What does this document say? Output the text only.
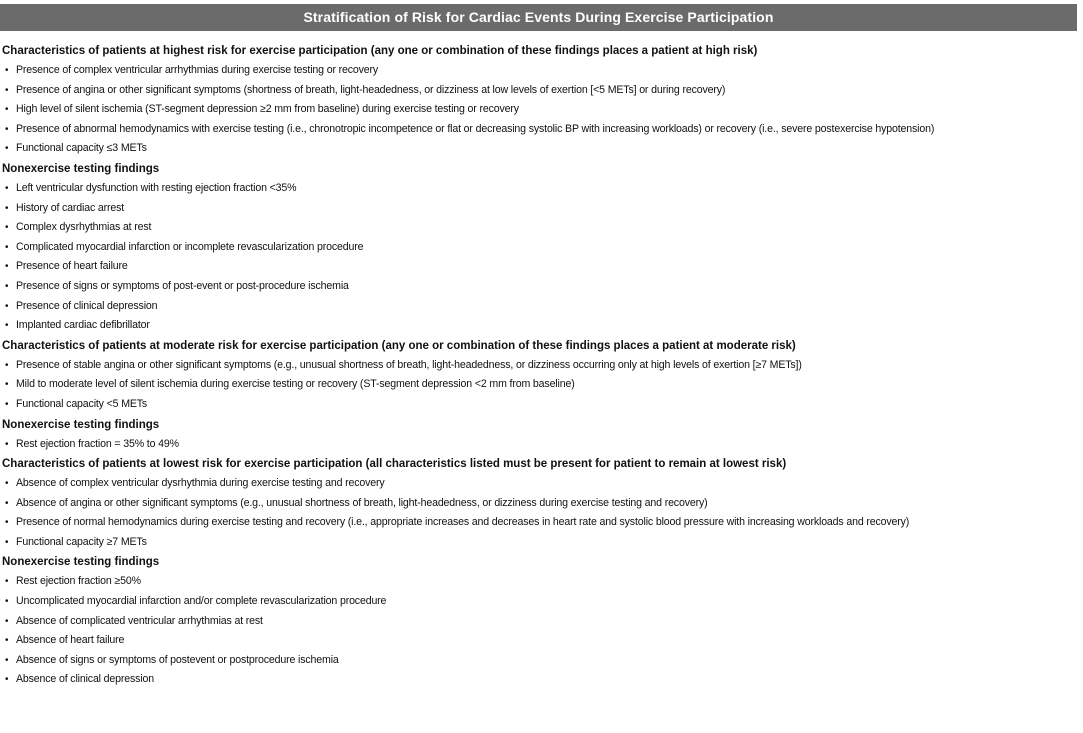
Stratification of Risk for Cardiac Events During Exercise Participation
Characteristics of patients at highest risk for exercise participation (any one or combination of these findings places a patient at high risk)
• Presence of complex ventricular arrhythmias during exercise testing or recovery
• Presence of angina or other significant symptoms (shortness of breath, light-headedness, or dizziness at low levels of exertion [<5 METs] or during recovery)
• High level of silent ischemia (ST-segment depression ≥2 mm from baseline) during exercise testing or recovery
• Presence of abnormal hemodynamics with exercise testing (i.e., chronotropic incompetence or flat or decreasing systolic BP with increasing workloads) or recovery (i.e., severe postexercise hypotension)
• Functional capacity ≤3 METs
Nonexercise testing findings
• Left ventricular dysfunction with resting ejection fraction <35%
• History of cardiac arrest
• Complex dysrhythmias at rest
• Complicated myocardial infarction or incomplete revascularization procedure
• Presence of heart failure
• Presence of signs or symptoms of post-event or post-procedure ischemia
• Presence of clinical depression
• Implanted cardiac defibrillator
Characteristics of patients at moderate risk for exercise participation (any one or combination of these findings places a patient at moderate risk)
• Presence of stable angina or other significant symptoms (e.g., unusual shortness of breath, light-headedness, or dizziness occurring only at high levels of exertion [≥7 METs])
• Mild to moderate level of silent ischemia during exercise testing or recovery (ST-segment depression <2 mm from baseline)
• Functional capacity <5 METs
Nonexercise testing findings
• Rest ejection fraction = 35% to 49%
Characteristics of patients at lowest risk for exercise participation (all characteristics listed must be present for patient to remain at lowest risk)
• Absence of complex ventricular dysrhythmia during exercise testing and recovery
• Absence of angina or other significant symptoms (e.g., unusual shortness of breath, light-headedness, or dizziness during exercise testing and recovery)
• Presence of normal hemodynamics during exercise testing and recovery (i.e., appropriate increases and decreases in heart rate and systolic blood pressure with increasing workloads and recovery)
• Functional capacity ≥7 METs
Nonexercise testing findings
• Rest ejection fraction ≥50%
• Uncomplicated myocardial infarction and/or complete revascularization procedure
• Absence of complicated ventricular arrhythmias at rest
• Absence of heart failure
• Absence of signs or symptoms of postevent or postprocedure ischemia
• Absence of clinical depression
